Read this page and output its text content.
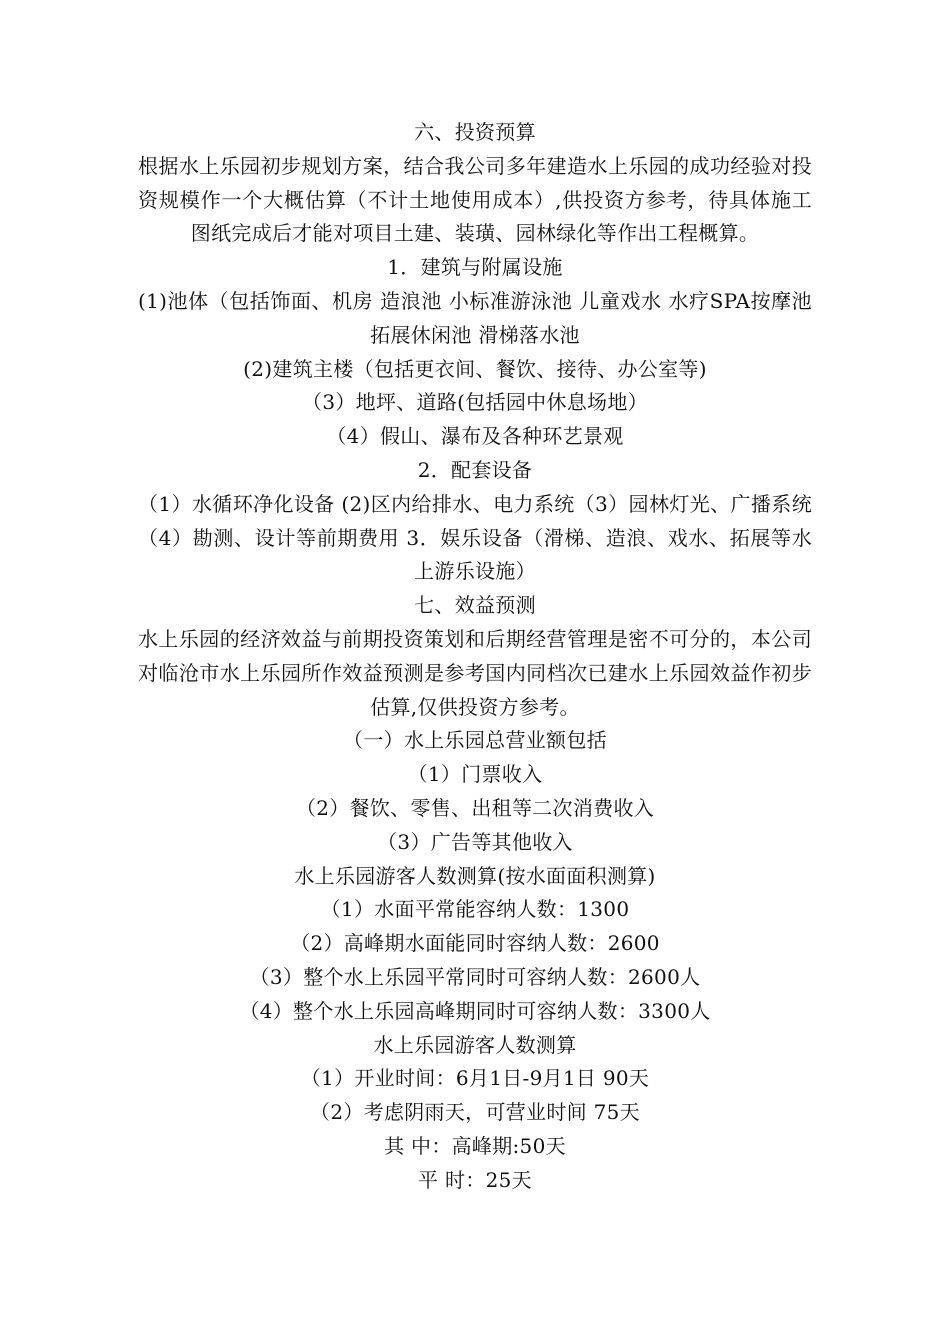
六、投资预算

根据水上乐园初步规划方案，结合我公司多年建造水上乐园的成功经验对投资规模作一个大概估算（不计土地使用成本）,供投资方参考，待具体施工图纸完成后才能对项目土建、装璜、园林绿化等作出工程概算。

1．建筑与附属设施

(1)池体（包括饰面、机房 造浪池 小标准游泳池 儿童戏水 水疗SPA按摩池 拓展休闲池 滑梯落水池

(2)建筑主楼（包括更衣间、餐饮、接待、办公室等)

（3）地坪、道路(包括园中休息场地）

（4）假山、瀑布及各种环艺景观

2．配套设备

（1）水循环净化设备 (2)区内给排水、电力系统（3）园林灯光、广播系统 （4）勘测、设计等前期费用 3．娱乐设备（滑梯、造浪、戏水、拓展等水上游乐设施）

七、效益预测

水上乐园的经济效益与前期投资策划和后期经营管理是密不可分的，本公司对临沧市水上乐园所作效益预测是参考国内同档次已建水上乐园效益作初步估算,仅供投资方参考。

（一）水上乐园总营业额包括

（1）门票收入

（2）餐饮、零售、出租等二次消费收入

（3）广告等其他收入

水上乐园游客人数测算(按水面面积测算)

（1）水面平常能容纳人数：1300

（2）高峰期水面能同时容纳人数：2600

（3）整个水上乐园平常同时可容纳人数：2600人

（4）整个水上乐园高峰期同时可容纳人数：3300人

水上乐园游客人数测算

（1）开业时间：6月1日-9月1日 90天

（2）考虑阴雨天，可营业时间 75天

其 中：高峰期:50天

平 时：25天
